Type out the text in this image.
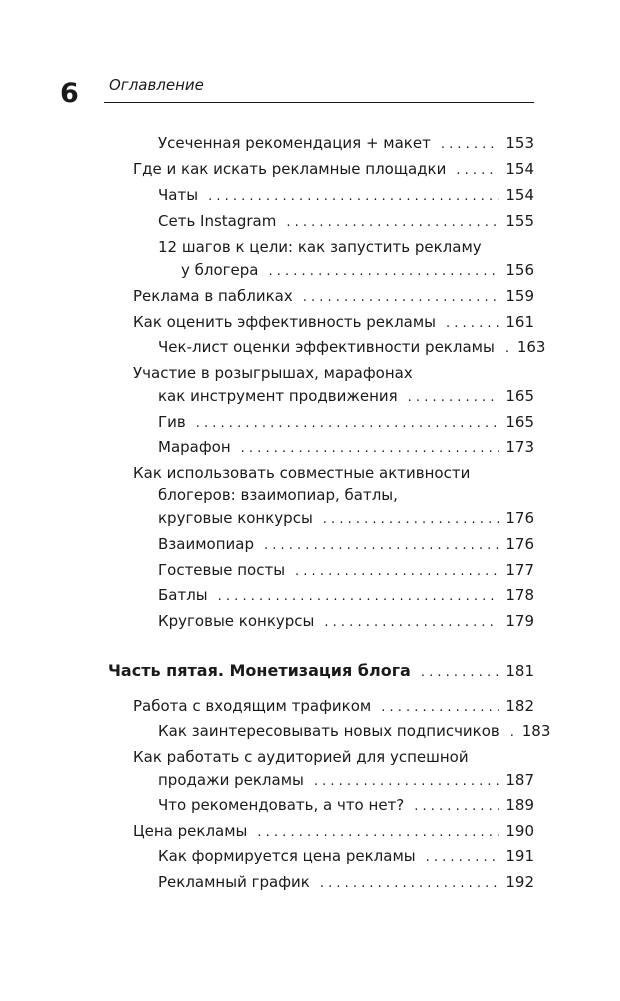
6 Оглавление
Усеченная рекомендация + макет . . .	153
Где и как искать рекламные площадки . . .	154
Чаты . . .	154
Сеть Instagram . . .	155
12 шагов к цели: как запустить рекламу
у блогера . . .	156
Реклама в пабликах . . .	159
Как оценить эффективность рекламы . . .	161
Чек-лист оценки эффективности рекламы . . . 163
Участие в розыгрышах, марафонах
как инструмент продвижения . . .	165
Гив . . .	165
Марафон . . .	173
Как использовать совместные активности
блогеров: взаимопиар, батлы,
круговые конкурсы . . .	176
Взаимопиар . . .	176
Гостевые посты . . .	177
Батлы . . .	178
Круговые конкурсы . . .	179
Часть пятая. Монетизация блога . . .	181
Работа с входящим трафиком . . .	182
Как заинтересовывать новых подписчиков . . . 183
Как работать с аудиторией для успешной
продажи рекламы . . .	187
Что рекомендовать, а что нет? . . .	189
Цена рекламы . . .	190
Как формируется цена рекламы . . .	191
Рекламный график . . .	192
